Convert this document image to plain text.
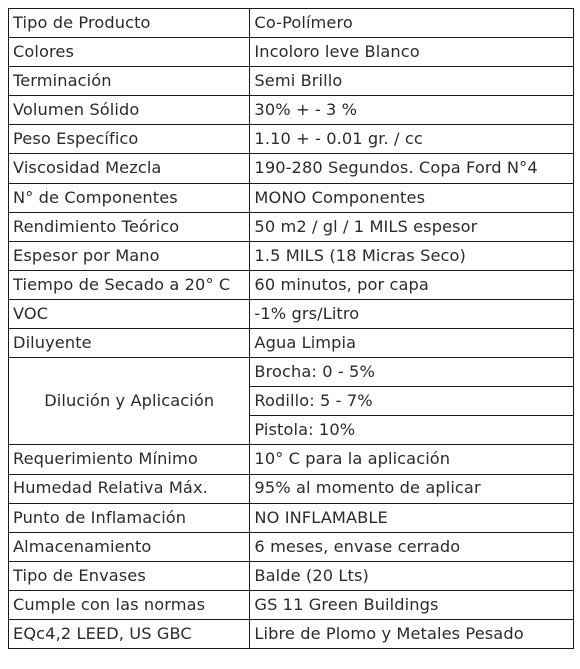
Tipo de Producto	Co-Polímero
Colores	Incoloro leve Blanco
Terminación	Semi Brillo
Volumen Sólido	30% + - 3 %
Peso Específico	1.10 + - 0.01 gr. / cc
Viscosidad Mezcla	190-280 Segundos. Copa Ford N°4
N° de Componentes	MONO Componentes
Rendimiento Teórico	50 m2 / gl / 1 MILS espesor
Espesor por Mano	1.5 MILS (18 Micras Seco)
Tiempo de Secado a 20° C	60 minutos, por capa
VOC	-1% grs/Litro
Diluyente	Agua Limpia
Dilución y Aplicación	Brocha: 0 - 5%
	Rodillo: 5 - 7%
	Pistola: 10%
Requerimiento Mínimo	10° C para la aplicación
Humedad Relativa Máx.	95% al momento de aplicar
Punto de Inflamación	NO INFLAMABLE
Almacenamiento	6 meses, envase cerrado
Tipo de Envases	Balde (20 Lts)
Cumple con las normas	GS 11 Green Buildings
EQc4,2 LEED, US GBC	Libre de Plomo y Metales Pesado
